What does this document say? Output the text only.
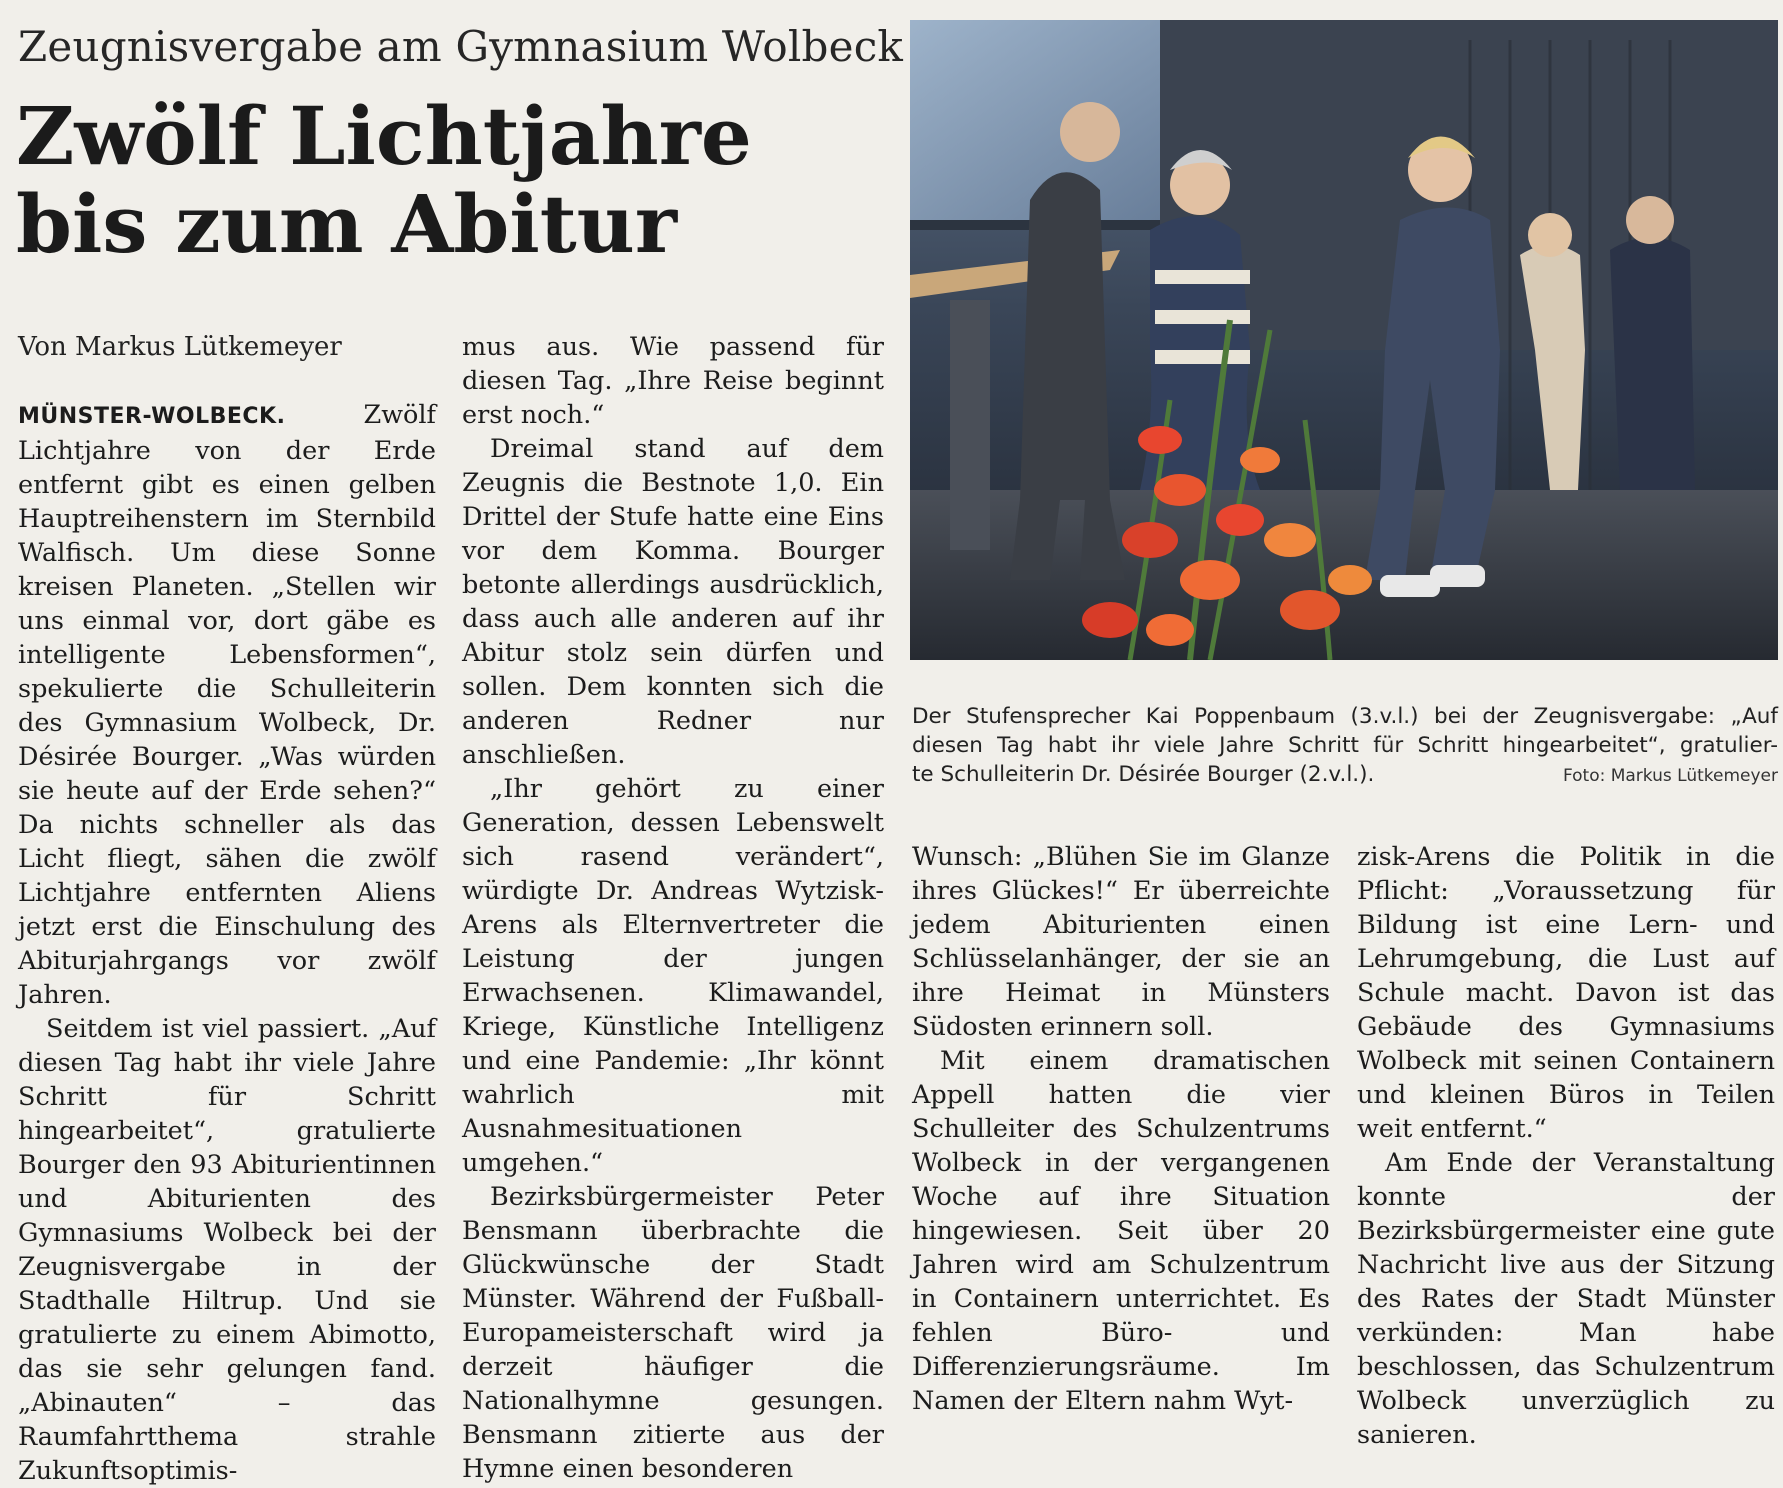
Zeugnisvergabe am Gymnasium Wolbeck
Zwölf Lichtjahre
bis zum Abitur
Von Markus Lütkemeyer

MÜNSTER-WOLBECK.	Zwölf Lichtjahre von der Erde entfernt gibt es einen gelben Hauptreihenstern im Sternbild Walfisch. Um diese Sonne kreisen Planeten. „Stellen wir uns einmal vor, dort gäbe es intelligente Lebensformen“, spekulierte die Schulleiterin des Gymnasium Wolbeck, Dr. Désirée Bourger. „Was würden sie heute auf der Erde sehen?“ Da nichts schneller als das Licht fliegt, sähen die zwölf Lichtjahre entfernten Aliens jetzt erst die Einschulung des Abiturjahrgangs vor zwölf Jahren.

Seitdem ist viel passiert. „Auf diesen Tag habt ihr viele Jahre Schritt für Schritt hingearbeitet“, gratulierte Bourger den 93 Abiturientinnen und Abiturienten des Gymnasiums Wolbeck bei der Zeugnisvergabe in der Stadthalle Hiltrup. Und sie gratulierte zu einem Abimotto, das sie sehr gelungen fand. „Abinauten“ – das Raumfahrtthema strahle Zukunftsoptimis-

mus aus. Wie passend für diesen Tag. „Ihre Reise beginnt erst noch.“

Dreimal stand auf dem Zeugnis die Bestnote 1,0. Ein Drittel der Stufe hatte eine Eins vor dem Komma. Bourger betonte allerdings ausdrücklich, dass auch alle anderen auf ihr Abitur stolz sein dürfen und sollen. Dem konnten sich die anderen Redner nur anschließen.

„Ihr gehört zu einer Generation, dessen Lebenswelt sich rasend verändert“, würdigte Dr. Andreas Wytzisk-Arens als Elternvertreter die Leistung der jungen Erwachsenen. Klimawandel, Kriege, Künstliche Intelligenz und eine Pandemie: „Ihr könnt wahrlich mit Ausnahmesituationen umgehen.“

Bezirksbürgermeister Peter Bensmann überbrachte die Glückwünsche der Stadt Münster. Während der Fußball-Europameisterschaft wird ja derzeit häufiger die Nationalhymne gesungen. Bensmann zitierte aus der Hymne einen besonderen

Der Stufensprecher Kai Poppenbaum (3.v.l.) bei der Zeugnisvergabe: „Auf
diesen Tag habt ihr viele Jahre Schritt für Schritt hingearbeitet“, gratulier-
te Schulleiterin Dr. Désirée Bourger (2.v.l.).	Foto: Markus Lütkemeyer

Wunsch: „Blühen Sie im Glanze ihres Glückes!“ Er überreichte jedem Abiturienten einen Schlüsselanhänger, der sie an ihre Heimat in Münsters Südosten erinnern soll.

Mit einem dramatischen Appell hatten die vier Schulleiter des Schulzentrums Wolbeck in der vergangenen Woche auf ihre Situation hingewiesen. Seit über 20 Jahren wird am Schulzentrum in Containern unterrichtet. Es fehlen Büro- und Differenzierungsräume. Im Namen der Eltern nahm Wyt-

zisk-Arens die Politik in die Pflicht: „Voraussetzung für Bildung ist eine Lern- und Lehrumgebung, die Lust auf Schule macht. Davon ist das Gebäude des Gymnasiums Wolbeck mit seinen Containern und kleinen Büros in Teilen weit entfernt.“

Am Ende der Veranstaltung konnte der Bezirksbürgermeister eine gute Nachricht live aus der Sitzung des Rates der Stadt Münster verkünden: Man habe beschlossen, das Schulzentrum Wolbeck unverzüglich zu sanieren.
